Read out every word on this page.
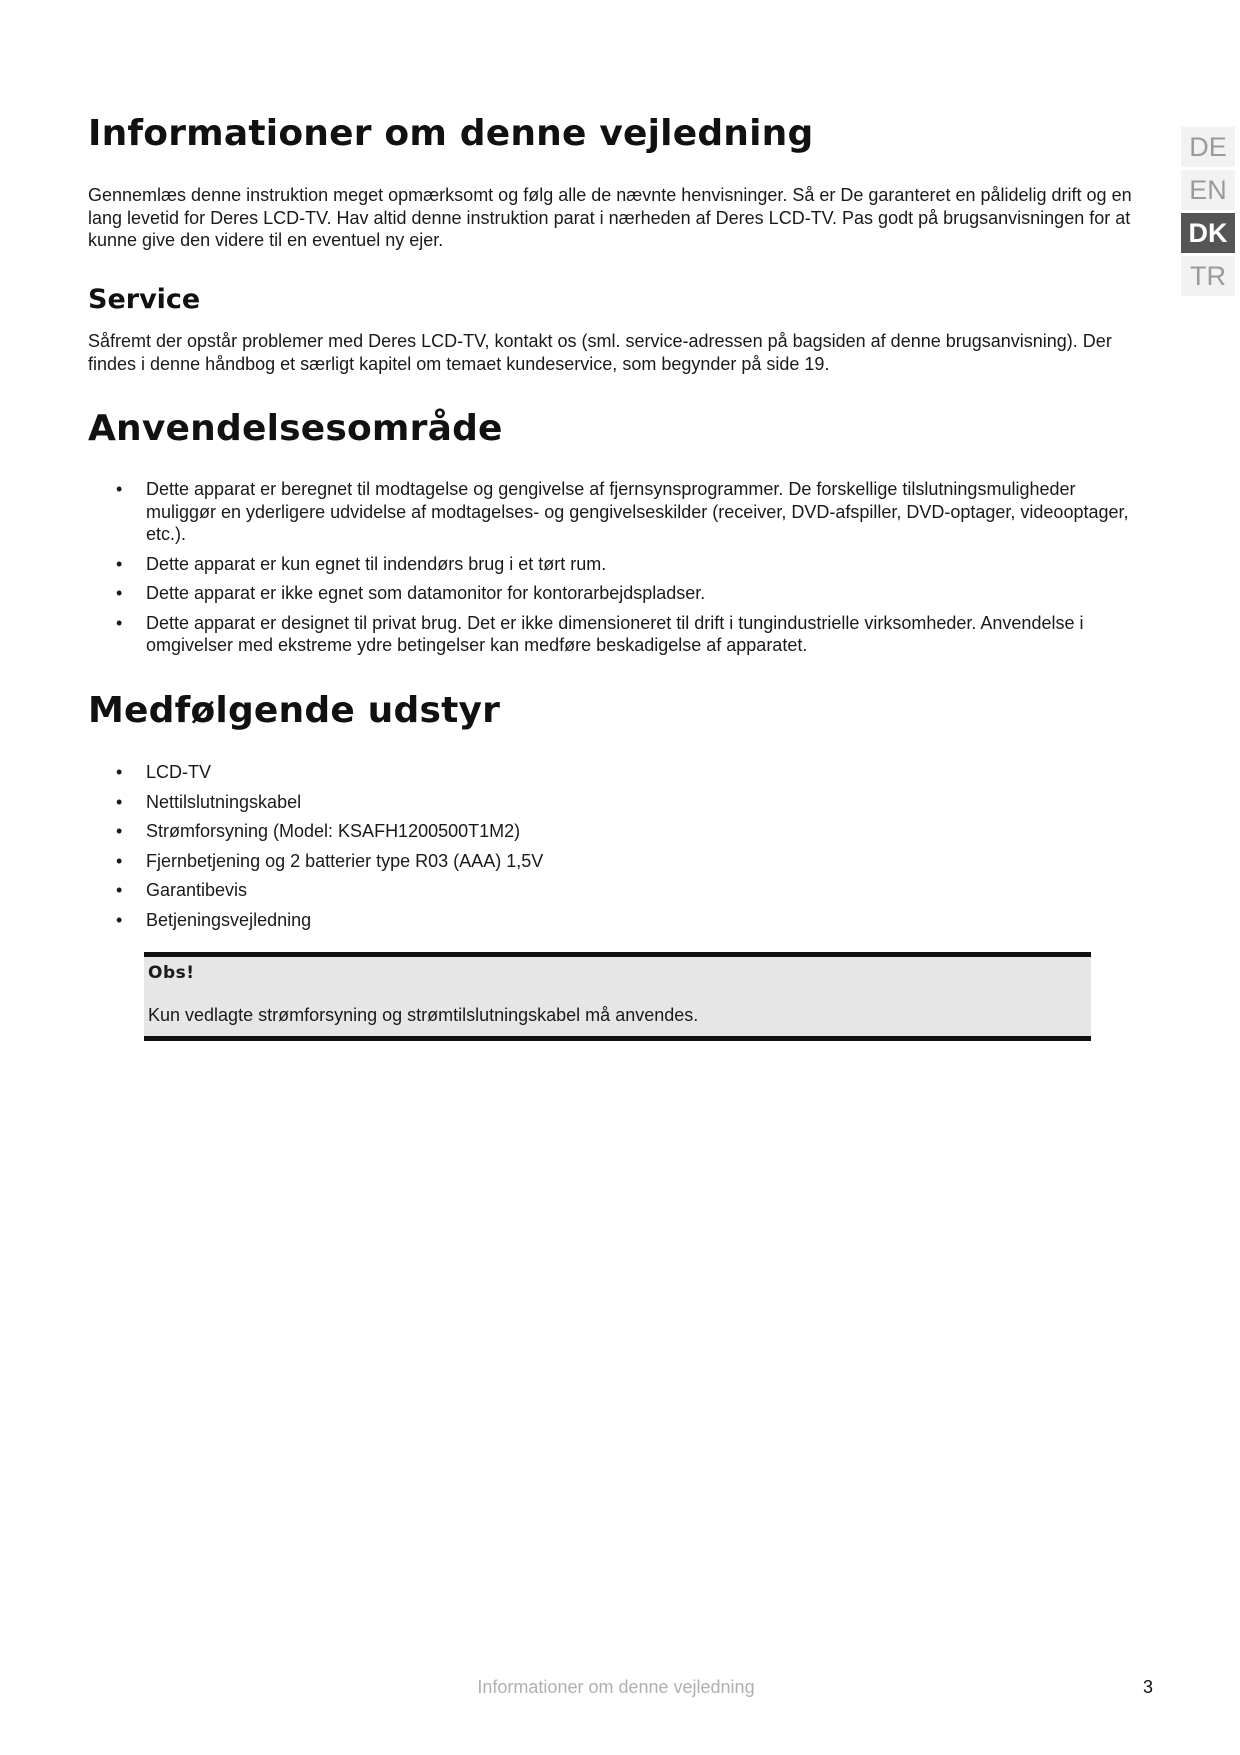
DE
EN
DK
TR
Informationer om denne vejledning

Gennemlæs denne instruktion meget opmærksomt og følg alle de nævnte henvisninger. Så er De garanteret en pålidelig drift og en lang levetid for Deres LCD-TV. Hav altid denne instruktion parat i nærheden af Deres LCD-TV. Pas godt på brugsanvisningen for at kunne give den videre til en eventuel ny ejer.

Service

Såfremt der opstår problemer med Deres LCD-TV, kontakt os (sml. service-adressen på bagsiden af denne brugsanvisning). Der findes i denne håndbog et særligt kapitel om temaet kundeservice, som begynder på side 19.

Anvendelsesområde
• Dette apparat er beregnet til modtagelse og gengivelse af fjernsynsprogrammer. De forskellige tilslutningsmuligheder muliggør en yderligere udvidelse af modtagelses- og gengivelseskilder (receiver, DVD-afspiller, DVD-optager, videooptager, etc.).
• Dette apparat er kun egnet til indendørs brug i et tørt rum.
• Dette apparat er ikke egnet som datamonitor for kontorarbejdspladser.
• Dette apparat er designet til privat brug. Det er ikke dimensioneret til drift i tungindustrielle virksomheder. Anvendelse i omgivelser med ekstreme ydre betingelser kan medføre beskadigelse af apparatet.
Medfølgende udstyr
• LCD-TV
• Nettilslutningskabel
• Strømforsyning (Model: KSAFH1200500T1M2)
• Fjernbetjening og 2 batterier type R03 (AAA) 1,5V
• Garantibevis
• Betjeningsvejledning
Obs!
Kun vedlagte strømforsyning og strømtilslutningskabel må anvendes.
Informationer om denne vejledning	3
